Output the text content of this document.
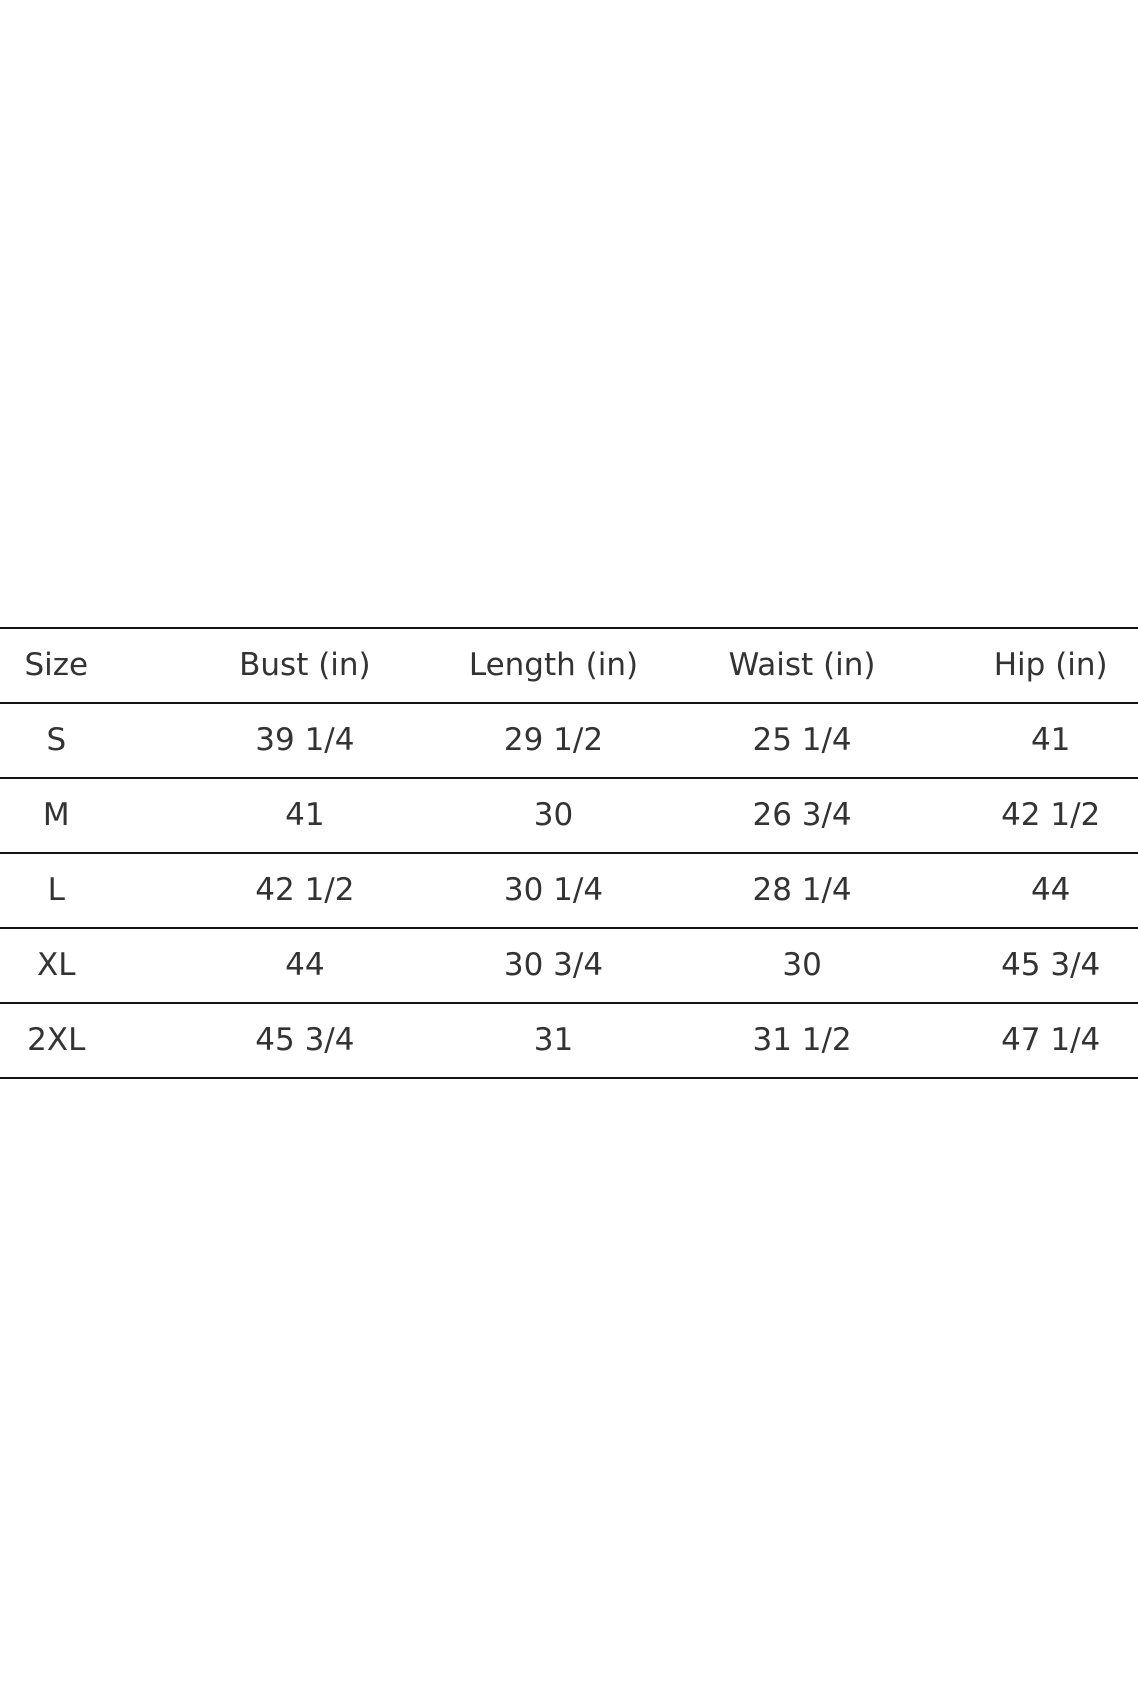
Size	Bust (in)	Length (in)	Waist (in)	Hip (in)
S	39 1/4	29 1/2	25 1/4	41
M	41	30	26 3/4	42 1/2
L	42 1/2	30 1/4	28 1/4	44
XL	44	30 3/4	30	45 3/4
2XL	45 3/4	31	31 1/2	47 1/4
